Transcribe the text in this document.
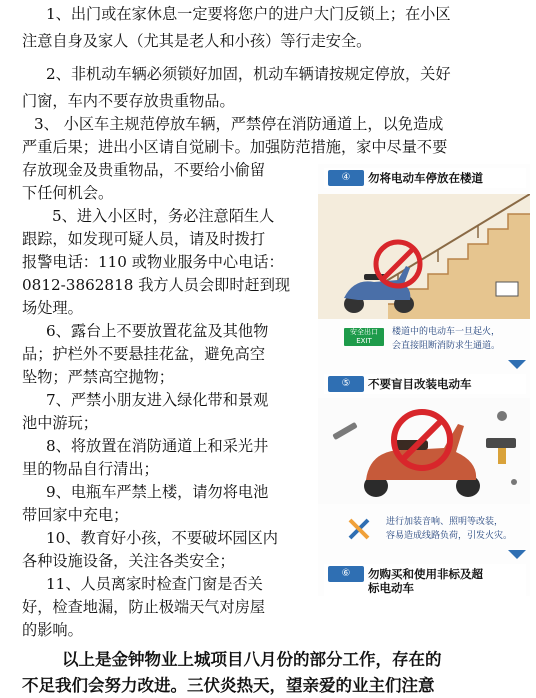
1、出门或在家休息一定要将您户的进户大门反锁上；在小区
注意自身及家人（尤其是老人和小孩）等行走安全。
2、非机动车辆必须锁好加固，机动车辆请按规定停放，关好
门窗，车内不要存放贵重物品。
3、 小区车主规范停放车辆，严禁停在消防通道上，以免造成
严重后果；进出小区请自觉刷卡。加强防范措施，家中尽量不要
存放现金及贵重物品，不要给小偷留
下任何机会。
5、进入小区时，务必注意陌生人
跟踪，如发现可疑人员，请及时拨打
报警电话：110 或物业服务中心电话：
0812-3862818 我方人员会即时赶到现
场处理。
6、露台上不要放置花盆及其他物
品；护栏外不要悬挂花盆，避免高空
坠物；严禁高空抛物；
7、严禁小朋友进入绿化带和景观
池中游玩；
8、将放置在消防通道上和采光井
里的物品自行清出；
9、电瓶车严禁上楼，请勿将电池
带回家中充电；
10、教育好小孩，不要破坏园区内
各种设施设备，关注各类安全；
11、人员离家时检查门窗是否关
好，检查地漏，防止极端天气对房屋
的影响。
以上是金钟物业上城项目八月份的部分工作，存在的
不足我们会努力改进。三伏炎热天，望亲爱的业主们注意
④	勿将电动车停放在楼道
安全出口 EXIT
楼道中的电动车一旦起火，
会直接阻断消防求生通道。
⑤	不要盲目改装电动车
进行加装音响、照明等改装，
容易造成线路负荷，引发火灾。
⑥	勿购买和使用非标及超
标电动车
